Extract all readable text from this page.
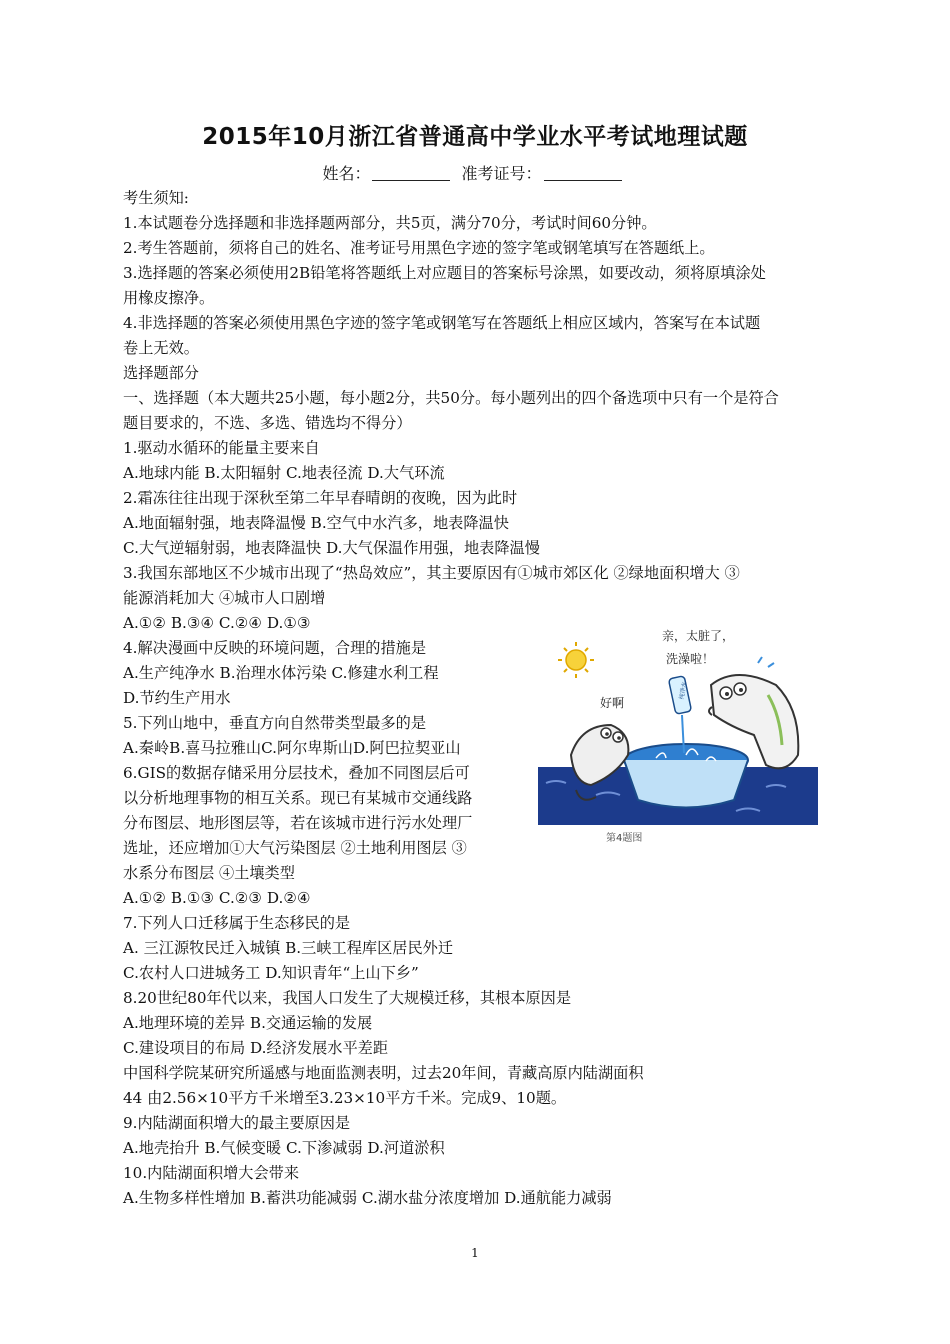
2015年10月浙江省普通高中学业水平考试地理试题
姓名：	准考证号：
考生须知:
1.本试题卷分选择题和非选择题两部分，共5页，满分70分，考试时间60分钟。
2.考生答题前，须将自己的姓名、准考证号用黑色字迹的签字笔或钢笔填写在答题纸上。
3.选择题的答案必须使用2B铅笔将答题纸上对应题目的答案标号涂黑，如要改动，须将原填涂处
用橡皮擦净。
4.非选择题的答案必须使用黑色字迹的签字笔或钢笔写在答题纸上相应区域内，答案写在本试题
卷上无效。
选择题部分
一、选择题（本大题共25小题，每小题2分，共50分。每小题列出的四个备选项中只有一个是符合
题目要求的，不选、多选、错选均不得分）
1.驱动水循环的能量主要来自
A.地球内能 B.太阳辐射 C.地表径流 D.大气环流
2.霜冻往往出现于深秋至第二年早春晴朗的夜晚，因为此时
A.地面辐射强，地表降温慢 B.空气中水汽多，地表降温快
C.大气逆辐射弱，地表降温快 D.大气保温作用强，地表降温慢
3.我国东部地区不少城市出现了“热岛效应”，其主要原因有①城市郊区化 ②绿地面积增大 ③
能源消耗加大 ④城市人口剧增
A.①② B.③④ C.②④ D.①③
4.解决漫画中反映的环境问题，合理的措施是
A.生产纯净水 B.治理水体污染 C.修建水利工程
D.节约生产用水
5.下列山地中，垂直方向自然带类型最多的是
A.秦岭B.喜马拉雅山C.阿尔卑斯山D.阿巴拉契亚山
6.GIS的数据存储采用分层技术，叠加不同图层后可
以分析地理事物的相互关系。现已有某城市交通线路
分布图层、地形图层等，若在该城市进行污水处理厂
选址，还应增加①大气污染图层 ②土地利用图层 ③
水系分布图层 ④土壤类型
A.①② B.①③ C.②③ D.②④
7.下列人口迁移属于生态移民的是
A. 三江源牧民迁入城镇 B.三峡工程库区居民外迁
C.农村人口进城务工 D.知识青年“上山下乡”
8.20世纪80年代以来，我国人口发生了大规模迁移，其根本原因是
A.地理环境的差异 B.交通运输的发展
C.建设项目的布局 D.经济发展水平差距
中国科学院某研究所遥感与地面监测表明，过去20年间，青藏高原内陆湖面积
44 由2.56×10平方千米增至3.23×10平方千米。完成9、10题。
9.内陆湖面积增大的最主要原因是
A.地壳抬升 B.气候变暖 C.下渗减弱 D.河道淤积
10.内陆湖面积增大会带来
A.生物多样性增加 B.蓄洪功能减弱 C.湖水盐分浓度增加 D.通航能力减弱
纯净水
亲，太脏了，
洗澡啦！
好啊
第4题图
1
